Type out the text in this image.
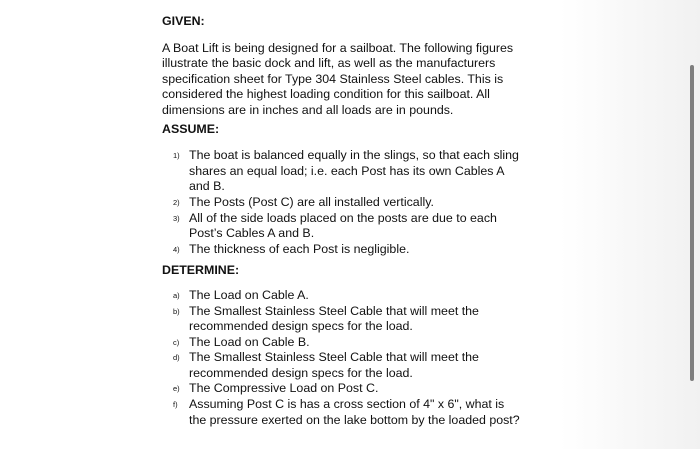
GIVEN:

A Boat Lift is being designed for a sailboat. The following figures illustrate the basic dock and lift, as well as the manufacturers specification sheet for Type 304 Stainless Steel cables. This is considered the highest loading condition for this sailboat. All dimensions are in inches and all loads are in pounds.

ASSUME:

1) The boat is balanced equally in the slings, so that each sling shares an equal load; i.e. each Post has its own Cables A and B.
2) The Posts (Post C) are all installed vertically.
3) All of the side loads placed on the posts are due to each Post’s Cables A and B.
4) The thickness of each Post is negligible.

DETERMINE:

a) The Load on Cable A.
b) The Smallest Stainless Steel Cable that will meet the recommended design specs for the load.
c) The Load on Cable B.
d) The Smallest Stainless Steel Cable that will meet the recommended design specs for the load.
e) The Compressive Load on Post C.
f) Assuming Post C is has a cross section of 4" x 6", what is the pressure exerted on the lake bottom by the loaded post?
